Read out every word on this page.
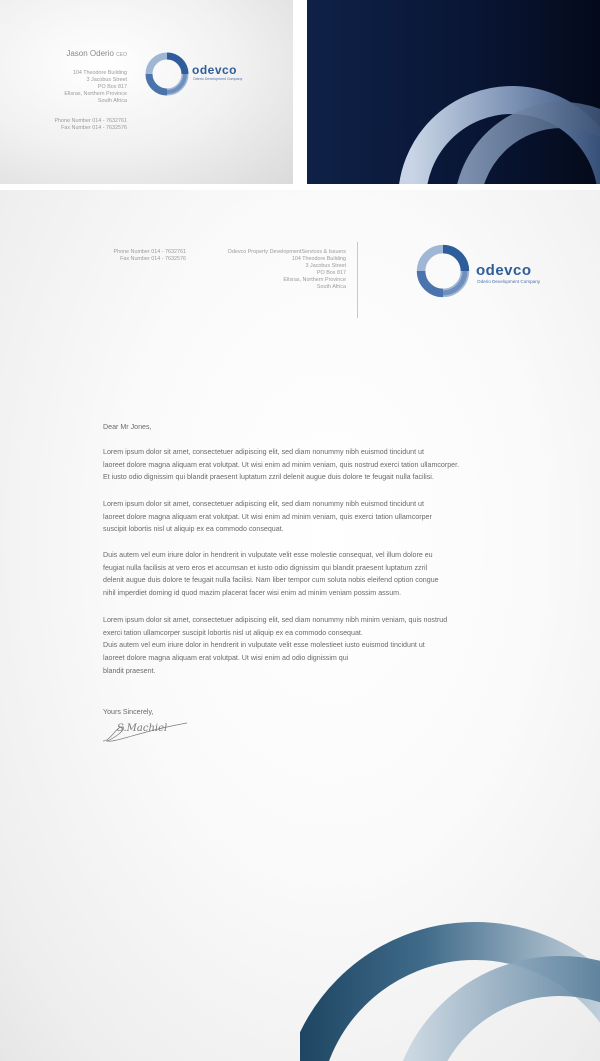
Jason Oderio CEO
104 Theodore Building
3 Jacobus Street
PO Box 817
Ellsras, Northern Province
South Africa
Phone Number 014 - 7632761
Fax Number 014 - 7632576
odevco
Oderio Development Company
Phone Number 014 - 7632761
Fax Number 014 - 7632576
Odevco Property DevelopmentServices & Issuers
104 Theodore Building
3 Jacobus Street
PO Box 817
Ellsras, Northern Province
South Africa
odevco
Oderio Development Company
Dear Mr Jones,
Lorem ipsum dolor sit amet, consectetuer adipiscing elit, sed diam nonummy nibh euismod tincidunt ut
laoreet dolore magna aliquam erat volutpat. Ut wisi enim ad minim veniam, quis nostrud exerci tation ullamcorper.
Et iusto odio dignissim qui blandit praesent luptatum zzril delenit augue duis dolore te feugait nulla facilisi.
Lorem ipsum dolor sit amet, consectetuer adipiscing elit, sed diam nonummy nibh euismod tincidunt ut
laoreet dolore magna aliquam erat volutpat. Ut wisi enim ad minim veniam, quis exerci tation ullamcorper
suscipit lobortis nisl ut aliquip ex ea commodo consequat.
Duis autem vel eum iriure dolor in hendrerit in vulputate velit esse molestie consequat, vel illum dolore eu
feugiat nulla facilisis at vero eros et accumsan et iusto odio dignissim qui blandit praesent luptatum zzril
delenit augue duis dolore te feugait nulla facilisi. Nam liber tempor cum soluta nobis eleifend option congue
nihil imperdiet doming id quod mazim placerat facer wisi enim ad minim veniam possim assum.
Lorem ipsum dolor sit amet, consectetuer adipiscing elit, sed diam nonummy nibh minim veniam, quis nostrud
exerci tation ullamcorper suscipit lobortis nisl ut aliquip ex ea commodo consequat.
Duis autem vel eum iriure dolor in hendrerit in vulputate velit esse molestieet iusto euismod tincidunt ut
laoreet dolore magna aliquam erat volutpat. Ut wisi enim ad odio dignissim qui
blandit praesent.
Yours Sincerely,
S.Machiel
